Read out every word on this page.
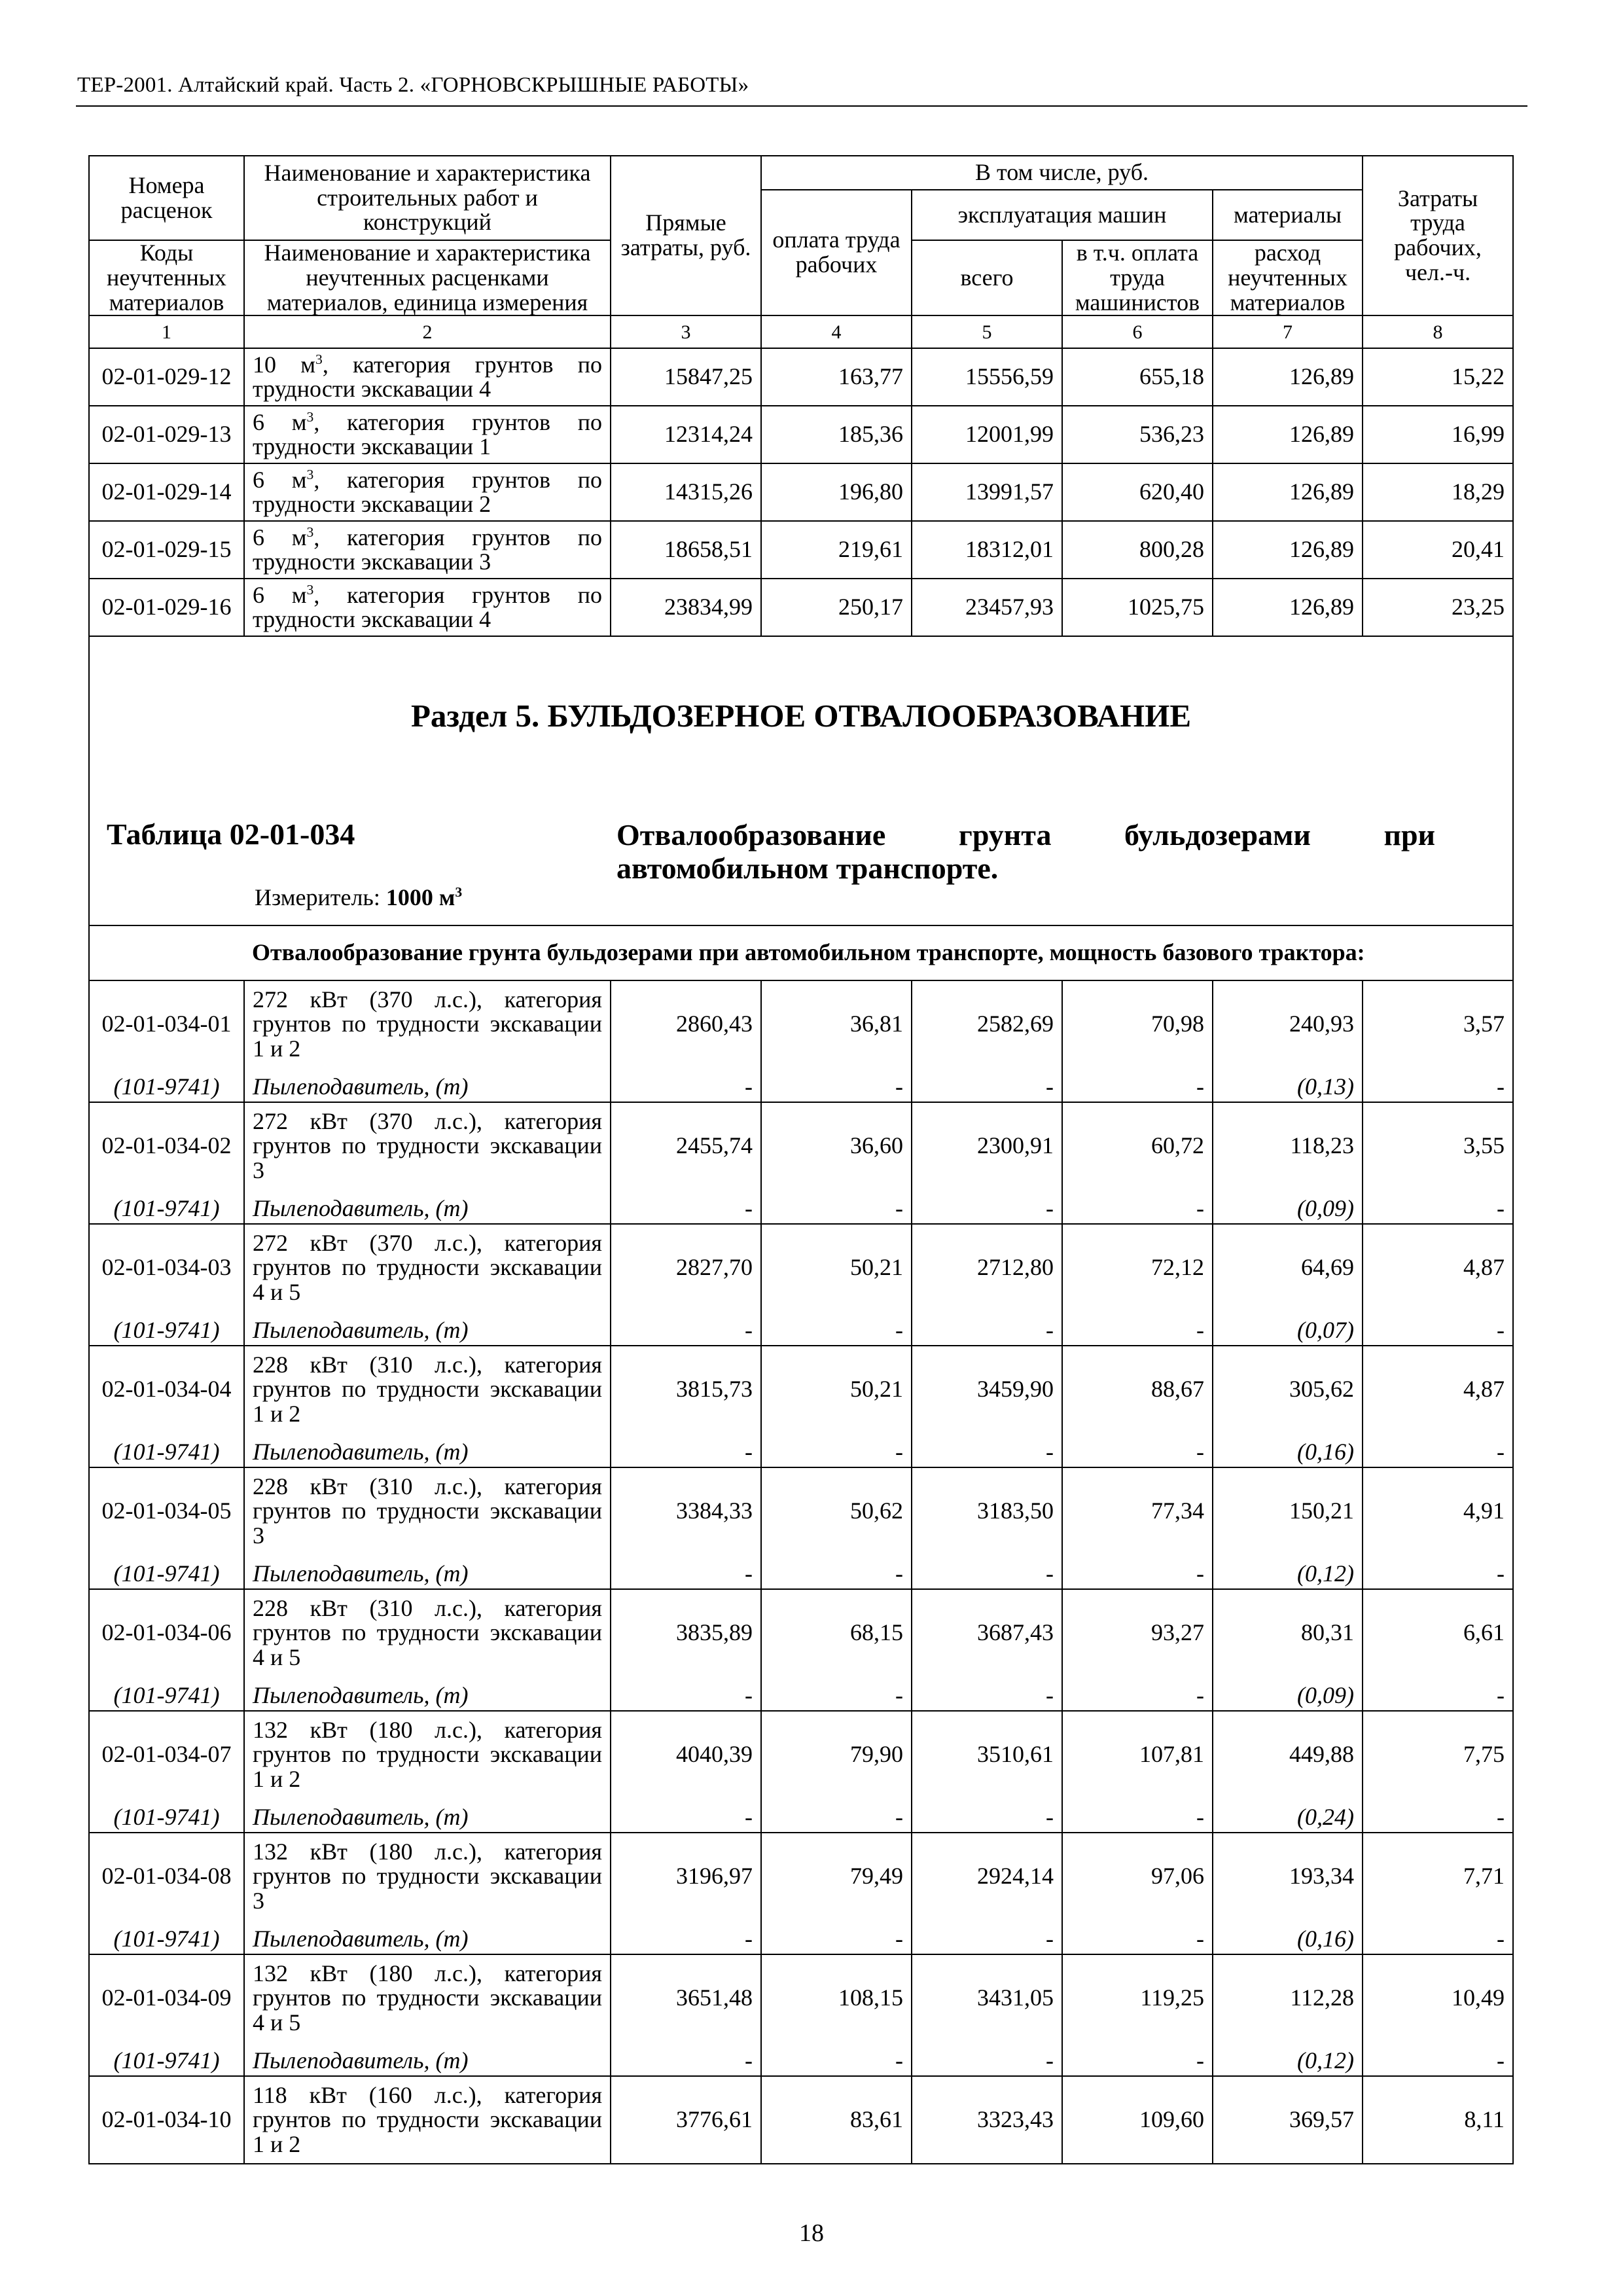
ТЕР-2001. Алтайский край. Часть 2. «ГОРНОВСКРЫШНЫЕ РАБОТЫ»
Номера расценок	Наименование и характеристика строительных работ и конструкций	Прямые затраты, руб.	В том числе, руб.				Затраты труда рабочих, чел.-ч.
			оплата труда рабочих	эксплуатация машин		материалы	
Коды неучтенных материалов	Наименование и характеристика неучтенных расценками материалов, единица измерения			всего	в т.ч. оплата труда машинистов	расход неучтенных материалов	
1	2	3	4	5	6	7	8
02-01-029-12	10 $м^3$, категория грунтов по трудности экскавации 4	15847,25	163,77	15556,59	655,18	126,89	15,22
02-01-029-13	6 $м^3$, категория грунтов по трудности экскавации 1	12314,24	185,36	12001,99	536,23	126,89	16,99
02-01-029-14	6 $м^3$, категория грунтов по трудности экскавации 2	14315,26	196,80	13991,57	620,40	126,89	18,29
02-01-029-15	6 $м^3$, категория грунтов по трудности экскавации 3	18658,51	219,61	18312,01	800,28	126,89	20,41
02-01-029-16	6 $м^3$, категория грунтов по трудности экскавации 4	23834,99	250,17	23457,93	1025,75	126,89	23,25

Раздел 5. БУЛЬДОЗЕРНОЕ ОТВАЛООБРАЗОВАНИЕ
Таблица 02-01-034 Отвалообразование грунта бульдозерами при автомобильном транспорте.
Измеритель: 1000 $м^3$

	Отвалообразование грунта бульдозерами при автомобильном транспорте, мощность базового трактора:						
02-01-034-01	272 кВт (370 л.с.), категория грунтов по трудности экскавации 1 и 2	2860,43	36,81	2582,69	70,98	240,93	3,57
(101-9741)	Пылеподавитель, (т)	-	-	-	-	(0,13)	-
02-01-034-02	272 кВт (370 л.с.), категория грунтов по трудности экскавации 3	2455,74	36,60	2300,91	60,72	118,23	3,55
(101-9741)	Пылеподавитель, (т)	-	-	-	-	(0,09)	-
02-01-034-03	272 кВт (370 л.с.), категория грунтов по трудности экскавации 4 и 5	2827,70	50,21	2712,80	72,12	64,69	4,87
(101-9741)	Пылеподавитель, (т)	-	-	-	-	(0,07)	-
02-01-034-04	228 кВт (310 л.с.), категория грунтов по трудности экскавации 1 и 2	3815,73	50,21	3459,90	88,67	305,62	4,87
(101-9741)	Пылеподавитель, (т)	-	-	-	-	(0,16)	-
02-01-034-05	228 кВт (310 л.с.), категория грунтов по трудности экскавации 3	3384,33	50,62	3183,50	77,34	150,21	4,91
(101-9741)	Пылеподавитель, (т)	-	-	-	-	(0,12)	-
02-01-034-06	228 кВт (310 л.с.), категория грунтов по трудности экскавации 4 и 5	3835,89	68,15	3687,43	93,27	80,31	6,61
(101-9741)	Пылеподавитель, (т)	-	-	-	-	(0,09)	-
02-01-034-07	132 кВт (180 л.с.), категория грунтов по трудности экскавации 1 и 2	4040,39	79,90	3510,61	107,81	449,88	7,75
(101-9741)	Пылеподавитель, (т)	-	-	-	-	(0,24)	-
02-01-034-08	132 кВт (180 л.с.), категория грунтов по трудности экскавации 3	3196,97	79,49	2924,14	97,06	193,34	7,71
(101-9741)	Пылеподавитель, (т)	-	-	-	-	(0,16)	-
02-01-034-09	132 кВт (180 л.с.), категория грунтов по трудности экскавации 4 и 5	3651,48	108,15	3431,05	119,25	112,28	10,49
(101-9741)	Пылеподавитель, (т)	-	-	-	-	(0,12)	-
02-01-034-10	118 кВт (160 л.с.), категория грунтов по трудности экскавации 1 и 2	3776,61	83,61	3323,43	109,60	369,57	8,11
18
